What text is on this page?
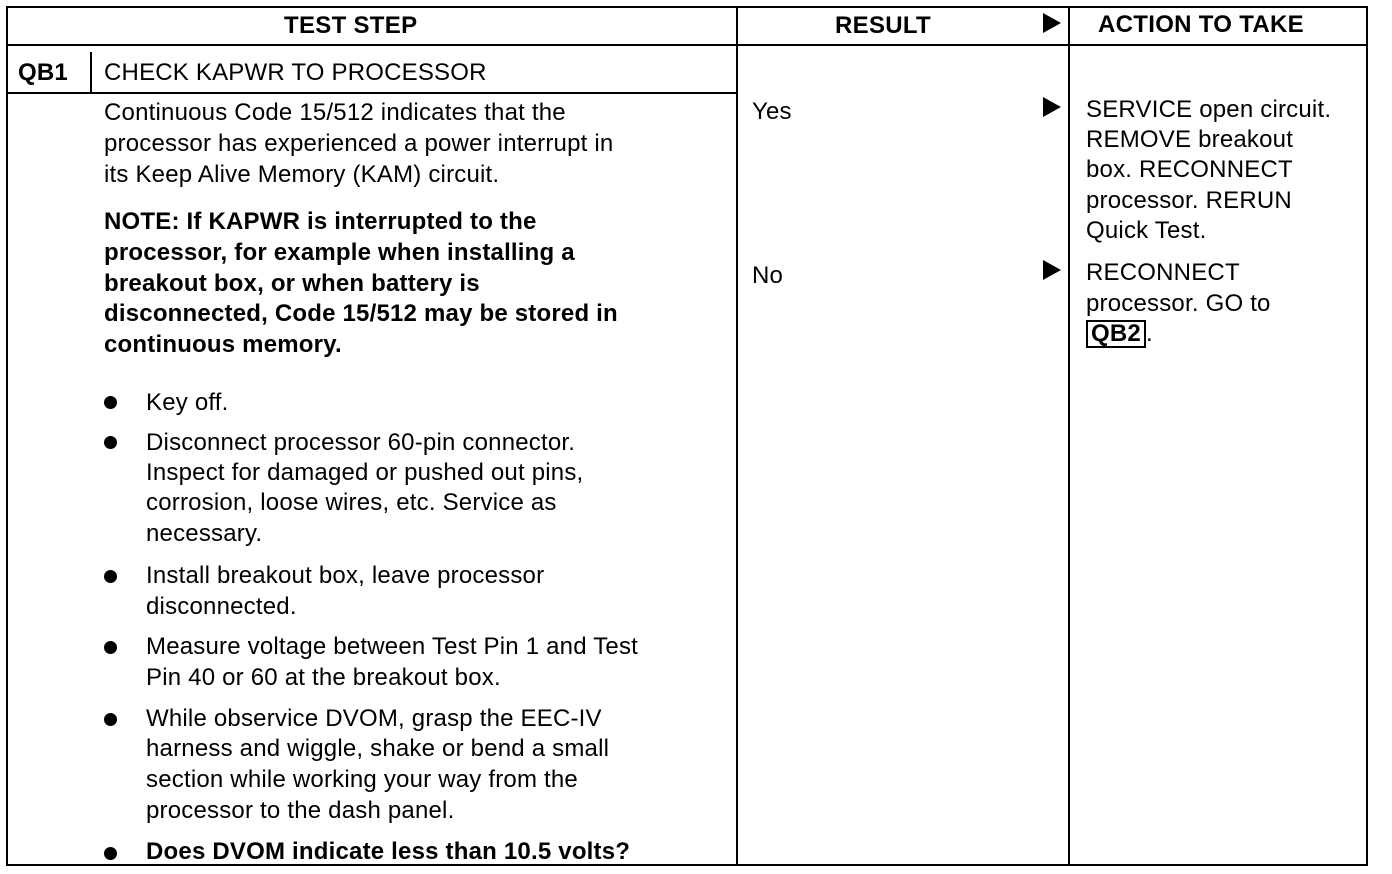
TEST STEP	RESULT	ACTION TO TAKE
QB1 CHECK KAPWR TO PROCESSOR
Continuous Code 15/512 indicates that the
processor has experienced a power interrupt in
its Keep Alive Memory (KAM) circuit.
NOTE: If KAPWR is interrupted to the
processor, for example when installing a
breakout box, or when battery is
disconnected, Code 15/512 may be stored in
continuous memory.
Key off.
Disconnect processor 60-pin connector.
Inspect for damaged or pushed out pins,
corrosion, loose wires, etc. Service as
necessary.
Install breakout box, leave processor
disconnected.
Measure voltage between Test Pin 1 and Test
Pin 40 or 60 at the breakout box.
While observice DVOM, grasp the EEC-IV
harness and wiggle, shake or bend a small
section while working your way from the
processor to the dash panel.
Does DVOM indicate less than 10.5 volts?
Yes	SERVICE open circuit.
REMOVE breakout
box. RECONNECT
processor. RERUN
Quick Test.
No	RECONNECT
processor. GO to
QB2 .
